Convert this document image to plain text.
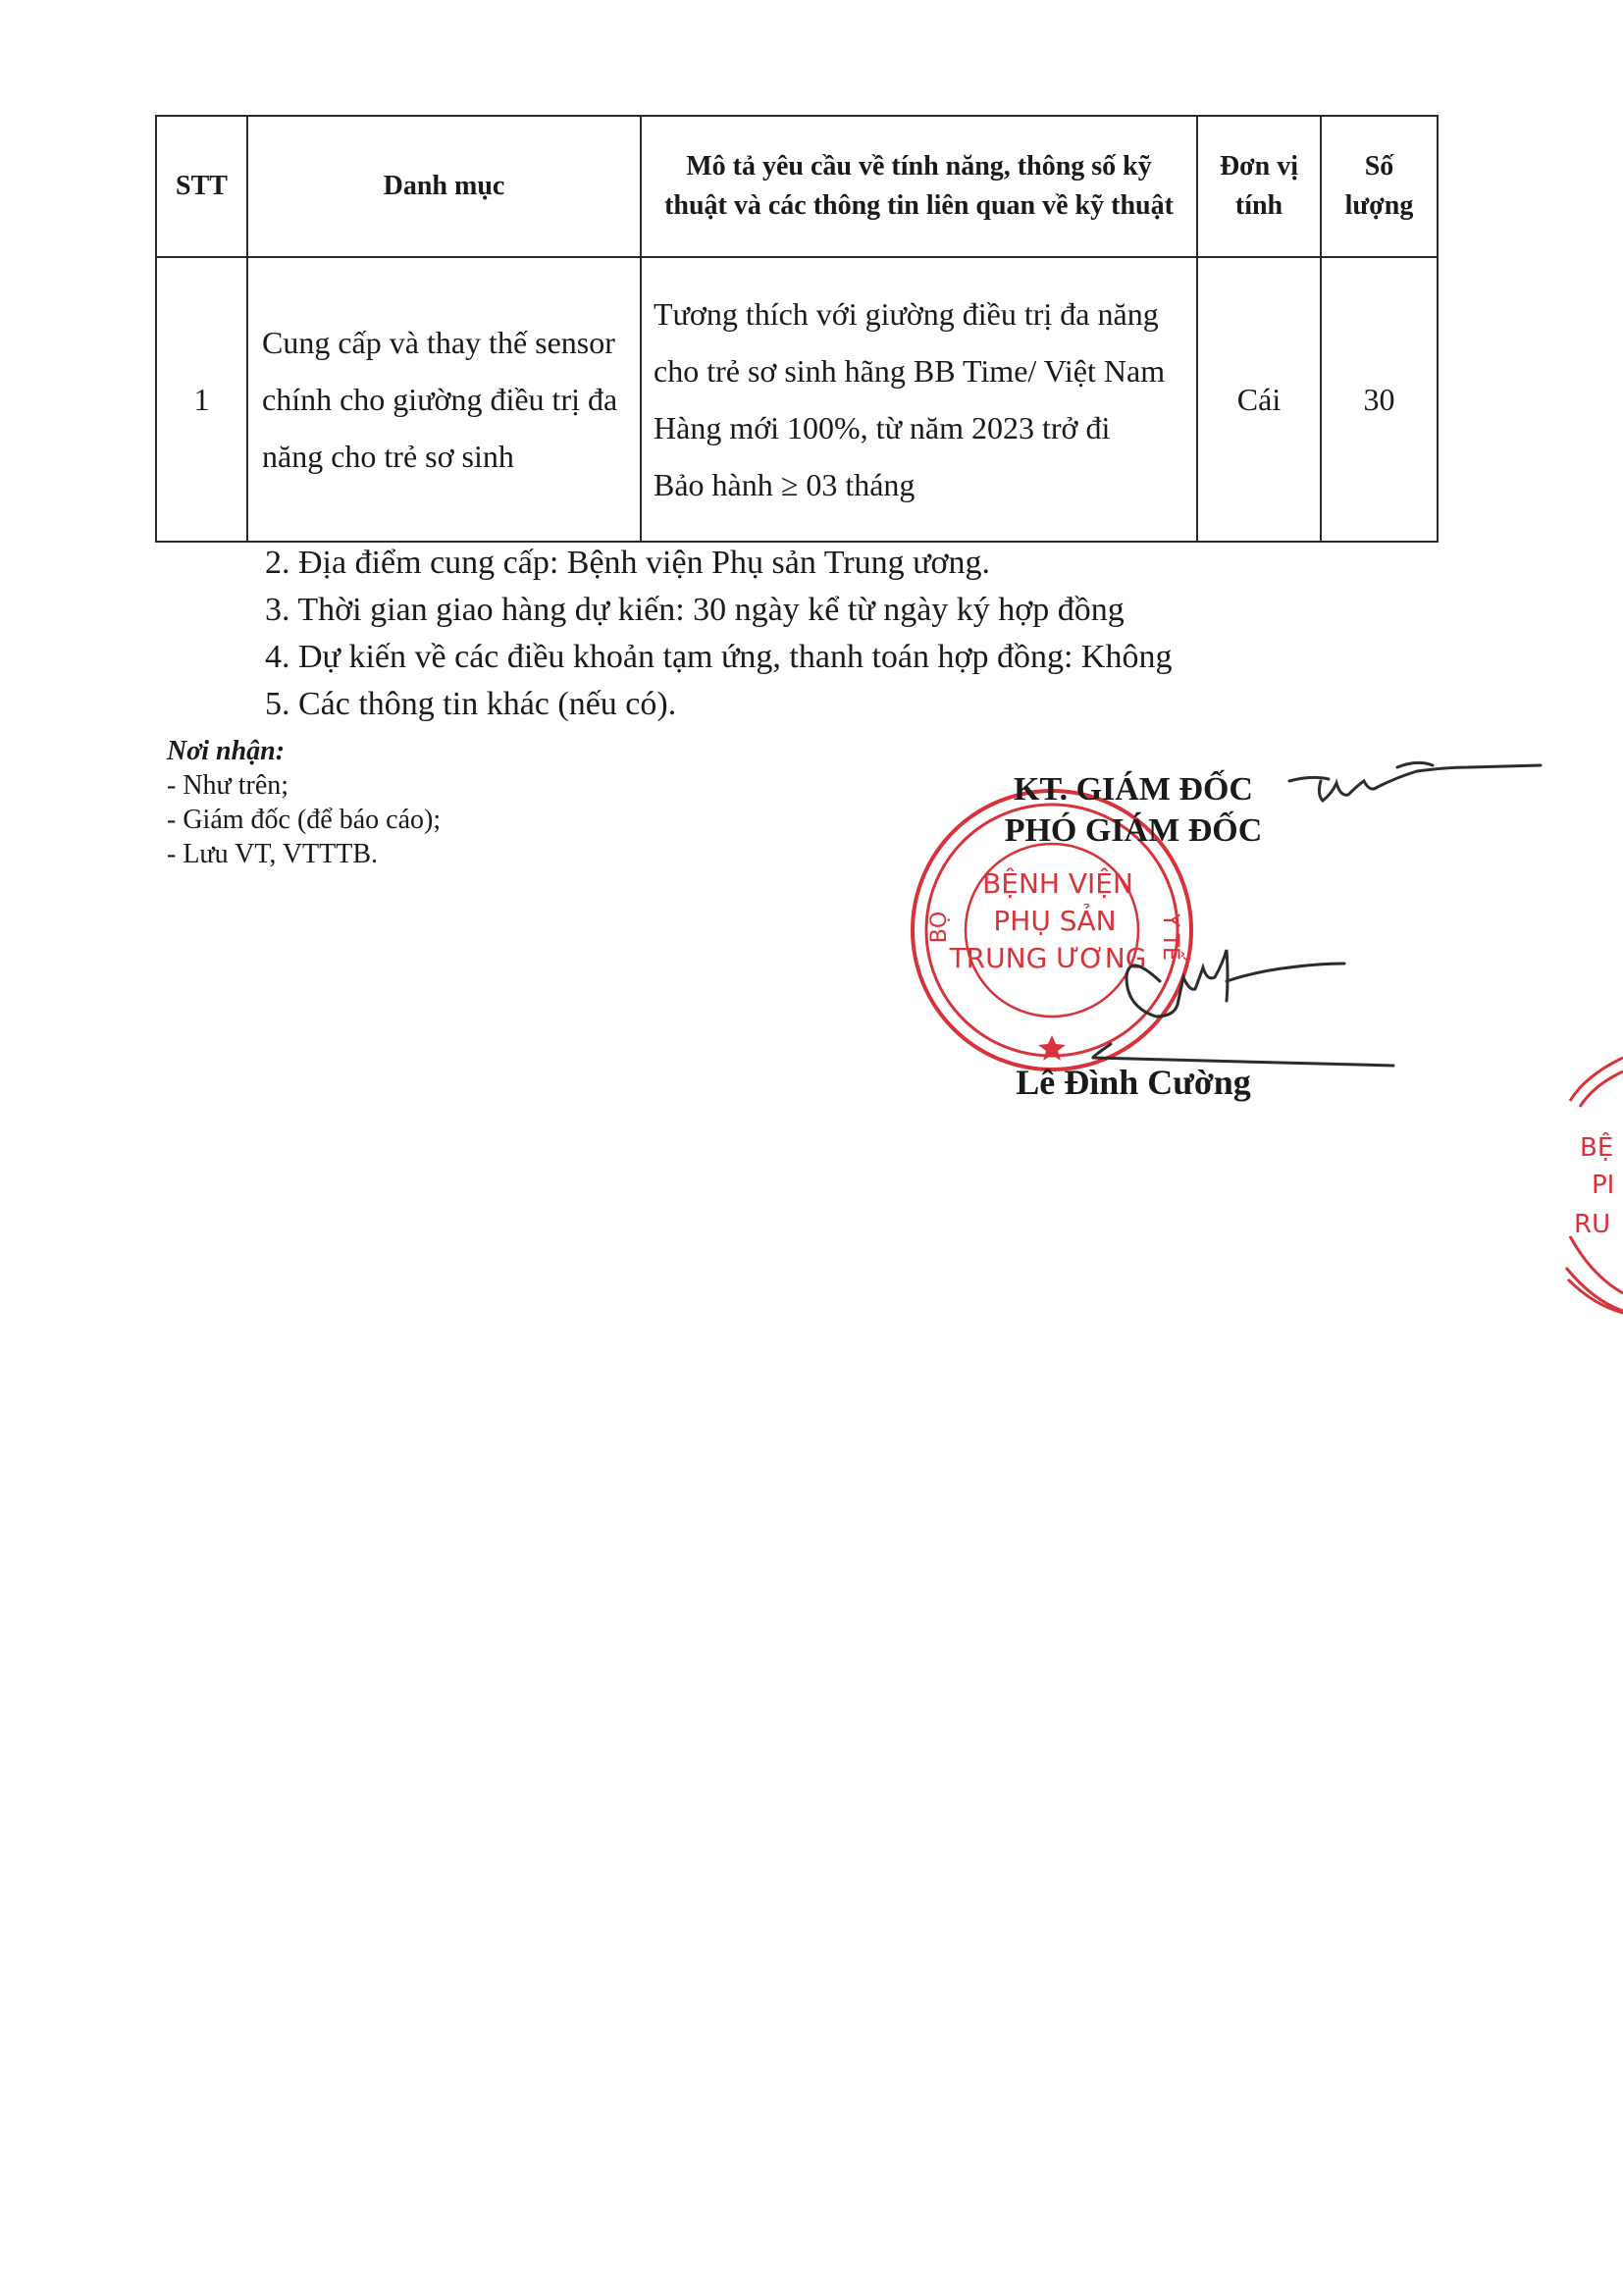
STT	Danh mục	Mô tả yêu cầu về tính năng, thông số kỹ thuật và các thông tin liên quan về kỹ thuật	Đơn vị tính	Số lượng
1	Cung cấp và thay thế sensor chính cho giường điều trị đa năng cho trẻ sơ sinh	Tương thích với giường điều trị đa năng cho trẻ sơ sinh hãng BB Time/ Việt Nam
Hàng mới 100%, từ năm 2023 trở đi
Bảo hành ≥ 03 tháng	Cái	30
2. Địa điểm cung cấp: Bệnh viện Phụ sản Trung ương.
3. Thời gian giao hàng dự kiến: 30 ngày kể từ ngày ký hợp đồng
4. Dự kiến về các điều khoản tạm ứng, thanh toán hợp đồng: Không
5. Các thông tin khác (nếu có).
Nơi nhận:
- Như trên;
- Giám đốc (để báo cáo);
- Lưu VT, VTTTB.
BỆNH VIỆN
PHỤ SẢN
TRUNG ƯƠNG
BỘ	Y TẾ
BỆ
PI
RU
KT. GIÁM ĐỐC
PHÓ GIÁM ĐỐC
Lê Đình Cường
